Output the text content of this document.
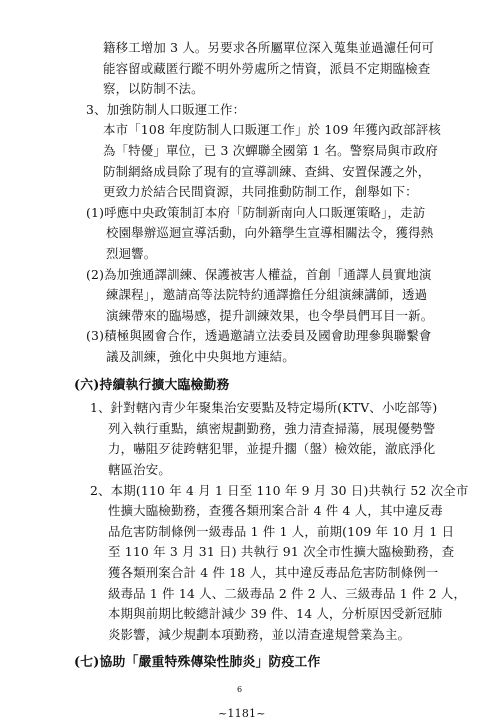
籍移工增加 3 人。另要求各所屬單位深入蒐集並過濾任何可
能容留或藏匿行蹤不明外勞處所之情資，派員不定期臨檢查
察，以防制不法。
3、加強防制人口販運工作：
本市「108 年度防制人口販運工作」於 109 年獲內政部評核
為「特優」單位，已 3 次蟬聯全國第 1 名。警察局與市政府
防制網絡成員除了現有的宣導訓練、查緝、安置保護之外，
更致力於結合民間資源，共同推動防制工作，創舉如下：
(1)呼應中央政策制訂本府「防制新南向人口販運策略」，走訪
校園舉辦巡迴宣導活動，向外籍學生宣導相關法令，獲得熱
烈迴響。
(2)為加強通譯訓練、保護被害人權益，首創「通譯人員實地演
練課程」，邀請高等法院特約通譯擔任分組演練講師，透過
演練帶來的臨場感，提升訓練效果，也令學員們耳目一新。
(3)積極與國會合作，透過邀請立法委員及國會助理參與聯繫會
議及訓練，強化中央與地方連結。
(六)持續執行擴大臨檢勤務
1、針對轄內青少年聚集治安要點及特定場所(KTV、小吃部等)
列入執行重點，縝密規劃勤務，強力清查掃蕩，展現優勢警
力，嚇阻歹徒跨轄犯罪，並提升擱（盤）檢效能，澈底淨化
轄區治安。
2、本期(110 年 4 月 1 日至 110 年 9 月 30 日)共執行 52 次全市
性擴大臨檢勤務，查獲各類刑案合計 4 件 4 人，其中違反毒
品危害防制條例一級毒品 1 件 1 人，前期(109 年 10 月 1 日
至 110 年 3 月 31 日) 共執行 91 次全市性擴大臨檢勤務，查
獲各類刑案合計 4 件 18 人，其中違反毒品危害防制條例一
級毒品 1 件 14 人、二級毒品 2 件 2 人、三級毒品 1 件 2 人，
本期與前期比較總計減少 39 件、14 人，分析原因受新冠肺
炎影響，減少規劃本項勤務，並以清查違規營業為主。
(七)協助「嚴重特殊傳染性肺炎」防疫工作
6
~1181~
